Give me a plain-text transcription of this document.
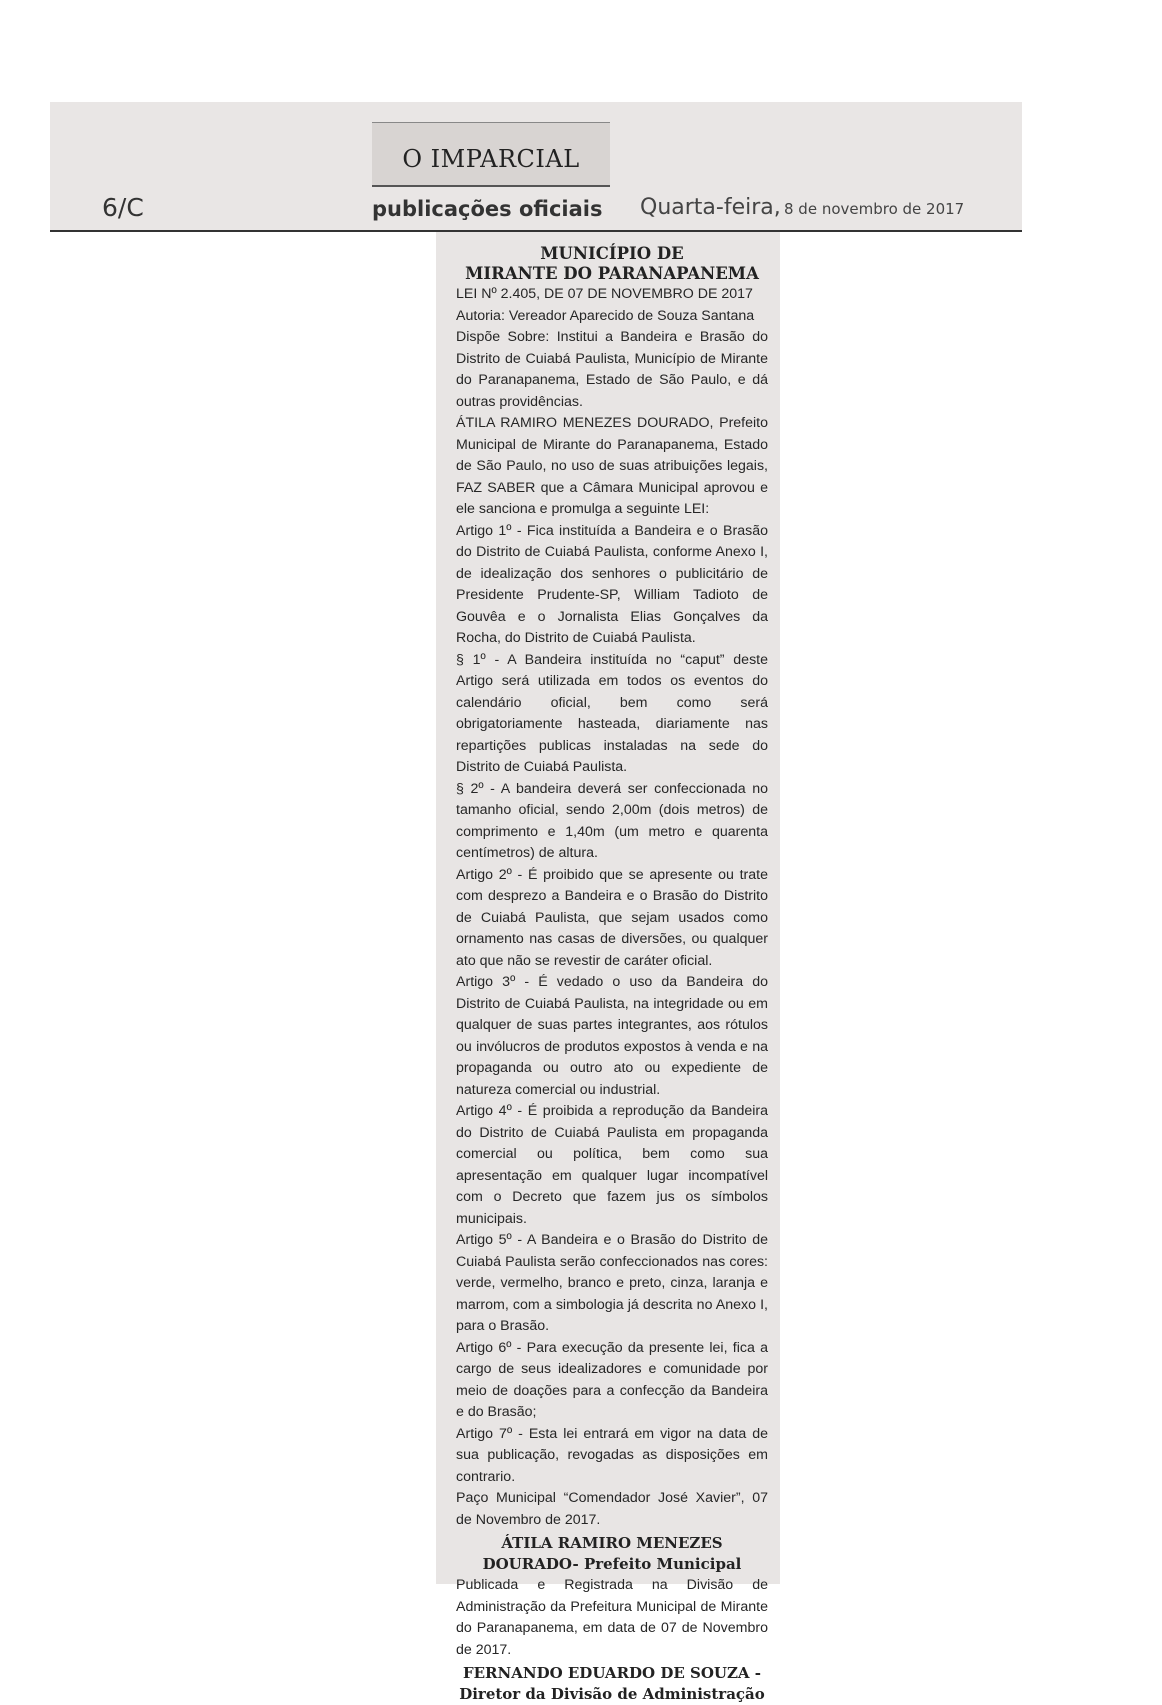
O IMPARCIAL
6/C	publicações oficiais Quarta-feira, 8 de novembro de 2017
MUNICÍPIO DE
MIRANTE DO PARANAPANEMA

LEI Nº 2.405, DE 07 DE NOVEMBRO DE 2017

Autoria: Vereador Aparecido de Souza Santana

Dispõe Sobre: Institui a Bandeira e Brasão do Distrito de Cuiabá Paulista, Município de Mirante do Paranapanema, Estado de São Paulo, e dá outras providências.

ÁTILA RAMIRO MENEZES DOURADO, Prefeito Municipal de Mirante do Paranapanema, Estado de São Paulo, no uso de suas atribuições legais, FAZ SABER que a Câmara Municipal aprovou e ele sanciona e promulga a seguinte LEI:

Artigo 1º - Fica instituída a Bandeira e o Brasão do Distrito de Cuiabá Paulista, conforme Anexo I, de idealização dos senhores o publicitário de Presidente Prudente-SP, William Tadioto de Gouvêa e o Jornalista Elias Gonçalves da Rocha, do Distrito de Cuiabá Paulista.

§ 1º - A Bandeira instituída no “caput” deste Artigo será utilizada em todos os eventos do calendário oficial, bem como será obrigatoriamente hasteada, diariamente nas repartições publicas instaladas na sede do Distrito de Cuiabá Paulista.

§ 2º - A bandeira deverá ser confeccionada no tamanho oficial, sendo 2,00m (dois metros) de comprimento e 1,40m (um metro e quarenta centímetros) de altura.

Artigo 2º - É proibido que se apresente ou trate com desprezo a Bandeira e o Brasão do Distrito de Cuiabá Paulista, que sejam usados como ornamento nas casas de diversões, ou qualquer ato que não se revestir de caráter oficial.

Artigo 3º - É vedado o uso da Bandeira do Distrito de Cuiabá Paulista, na integridade ou em qualquer de suas partes integrantes, aos rótulos ou invólucros de produtos expostos à venda e na propaganda ou outro ato ou expediente de natureza comercial ou industrial.

Artigo 4º - É proibida a reprodução da Bandeira do Distrito de Cuiabá Paulista em propaganda comercial ou política, bem como sua apresentação em qualquer lugar incompatível com o Decreto que fazem jus os símbolos municipais.

Artigo 5º - A Bandeira e o Brasão do Distrito de Cuiabá Paulista serão confeccionados nas cores: verde, vermelho, branco e preto, cinza, laranja e marrom, com a simbologia já descrita no Anexo I, para o Brasão.

Artigo 6º - Para execução da presente lei, fica a cargo de seus idealizadores e comunidade por meio de doações para a confecção da Bandeira e do Brasão;

Artigo 7º - Esta lei entrará em vigor na data de sua publicação, revogadas as disposições em contrario.

Paço Municipal “Comendador José Xavier”, 07 de Novembro de 2017.

ÁTILA RAMIRO MENEZES DOURADO- Prefeito Municipal

Publicada e Registrada na Divisão de Administração da Prefeitura Municipal de Mirante do Paranapanema, em data de 07 de Novembro de 2017.

FERNANDO EDUARDO DE SOUZA - Diretor da Divisão de Administração
